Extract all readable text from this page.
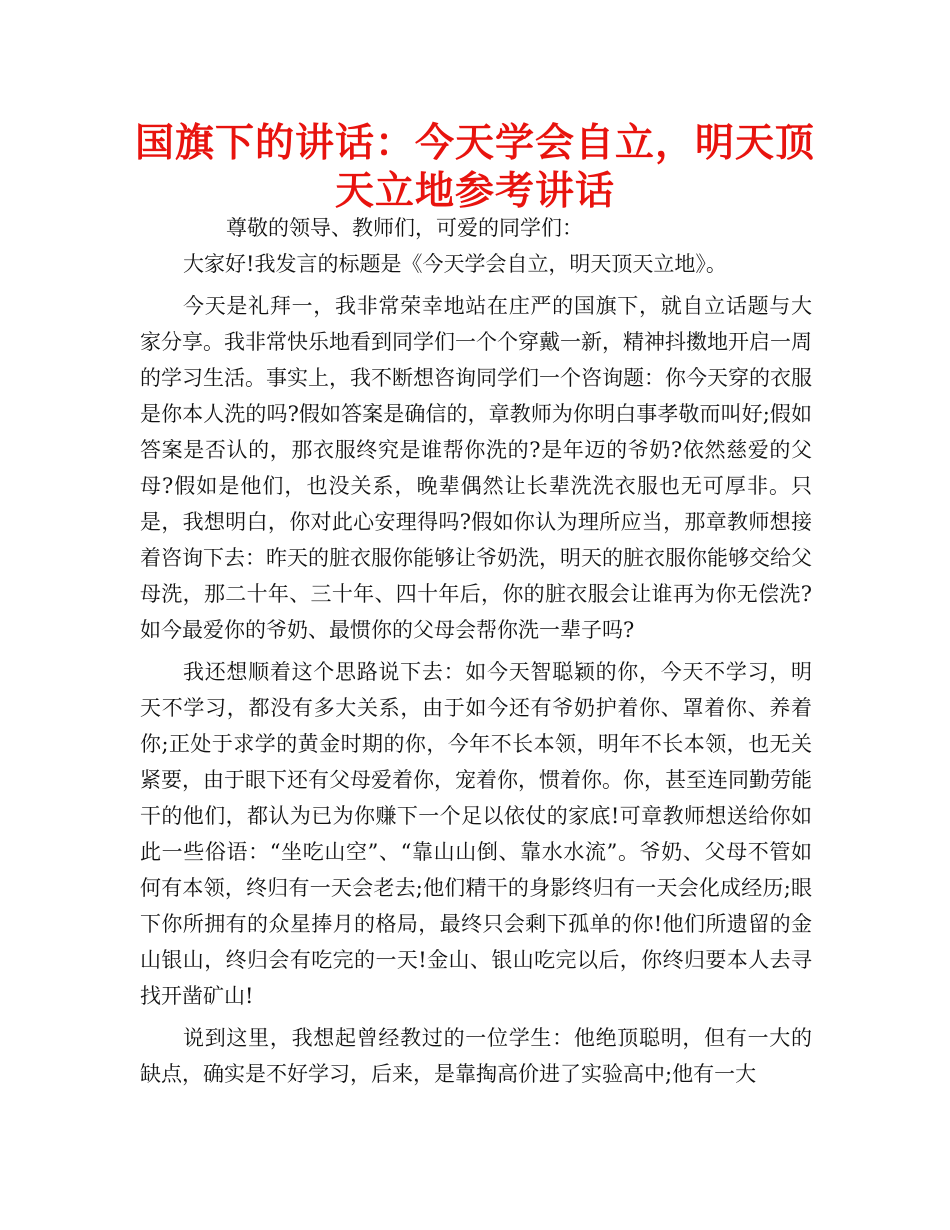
国旗下的讲话：今天学会自立，明天顶天立地参考讲话

尊敬的领导、教师们，可爱的同学们：

大家好!我发言的标题是《今天学会自立，明天顶天立地》。

今天是礼拜一，我非常荣幸地站在庄严的国旗下，就自立话题与大家分享。我非常快乐地看到同学们一个个穿戴一新，精神抖擞地开启一周的学习生活。事实上，我不断想咨询同学们一个咨询题：你今天穿的衣服是你本人洗的吗?假如答案是确信的，章教师为你明白事孝敬而叫好;假如答案是否认的，那衣服终究是谁帮你洗的?是年迈的爷奶?依然慈爱的父母?假如是他们，也没关系，晚辈偶然让长辈洗洗衣服也无可厚非。只是，我想明白，你对此心安理得吗?假如你认为理所应当，那章教师想接着咨询下去：昨天的脏衣服你能够让爷奶洗，明天的脏衣服你能够交给父母洗，那二十年、三十年、四十年后，你的脏衣服会让谁再为你无偿洗?如今最爱你的爷奶、最惯你的父母会帮你洗一辈子吗?

我还想顺着这个思路说下去：如今天智聪颖的你，今天不学习，明天不学习，都没有多大关系，由于如今还有爷奶护着你、罩着你、养着你;正处于求学的黄金时期的你，今年不长本领，明年不长本领，也无关紧要，由于眼下还有父母爱着你，宠着你，惯着你。你，甚至连同勤劳能干的他们，都认为已为你赚下一个足以依仗的家底!可章教师想送给你如此一些俗语：“坐吃山空”、“靠山山倒、靠水水流”。爷奶、父母不管如何有本领，终归有一天会老去;他们精干的身影终归有一天会化成经历;眼下你所拥有的众星捧月的格局，最终只会剩下孤单的你!他们所遗留的金山银山，终归会有吃完的一天!金山、银山吃完以后，你终归要本人去寻找开凿矿山!

说到这里，我想起曾经教过的一位学生：他绝顶聪明，但有一大的缺点，确实是不好学习，后来，是靠掏高价进了实验高中;他有一大
